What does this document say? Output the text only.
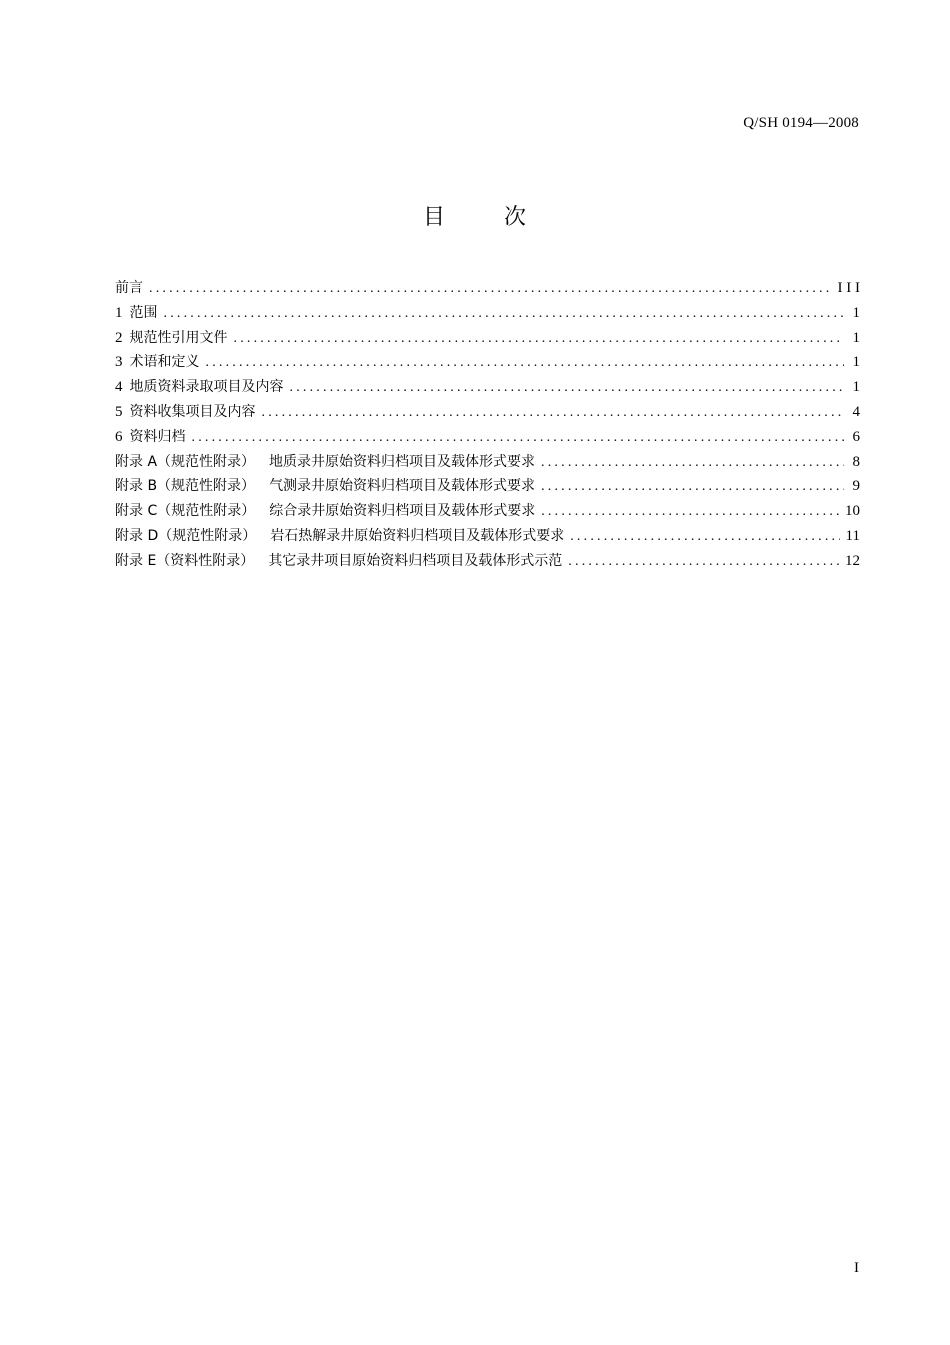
Q/SH 0194—2008
目	次
前言 .....	I I I
1 范围 .....	1
2 规范性引用文件 .....	1
3 术语和定义 .....	1
4 地质资料录取项目及内容 .....	1
5 资料收集项目及内容 .....	4
6 资料归档 .....	6
附录 A（规范性附录） 地质录井原始资料归档项目及载体形式要求 .....	8
附录 B（规范性附录） 气测录井原始资料归档项目及载体形式要求 .....	9
附录 C（规范性附录） 综合录井原始资料归档项目及载体形式要求 .....	10
附录 D（规范性附录） 岩石热解录井原始资料归档项目及载体形式要求 .....	11
附录 E（资料性附录） 其它录井项目原始资料归档项目及载体形式示范 .....	12
I
